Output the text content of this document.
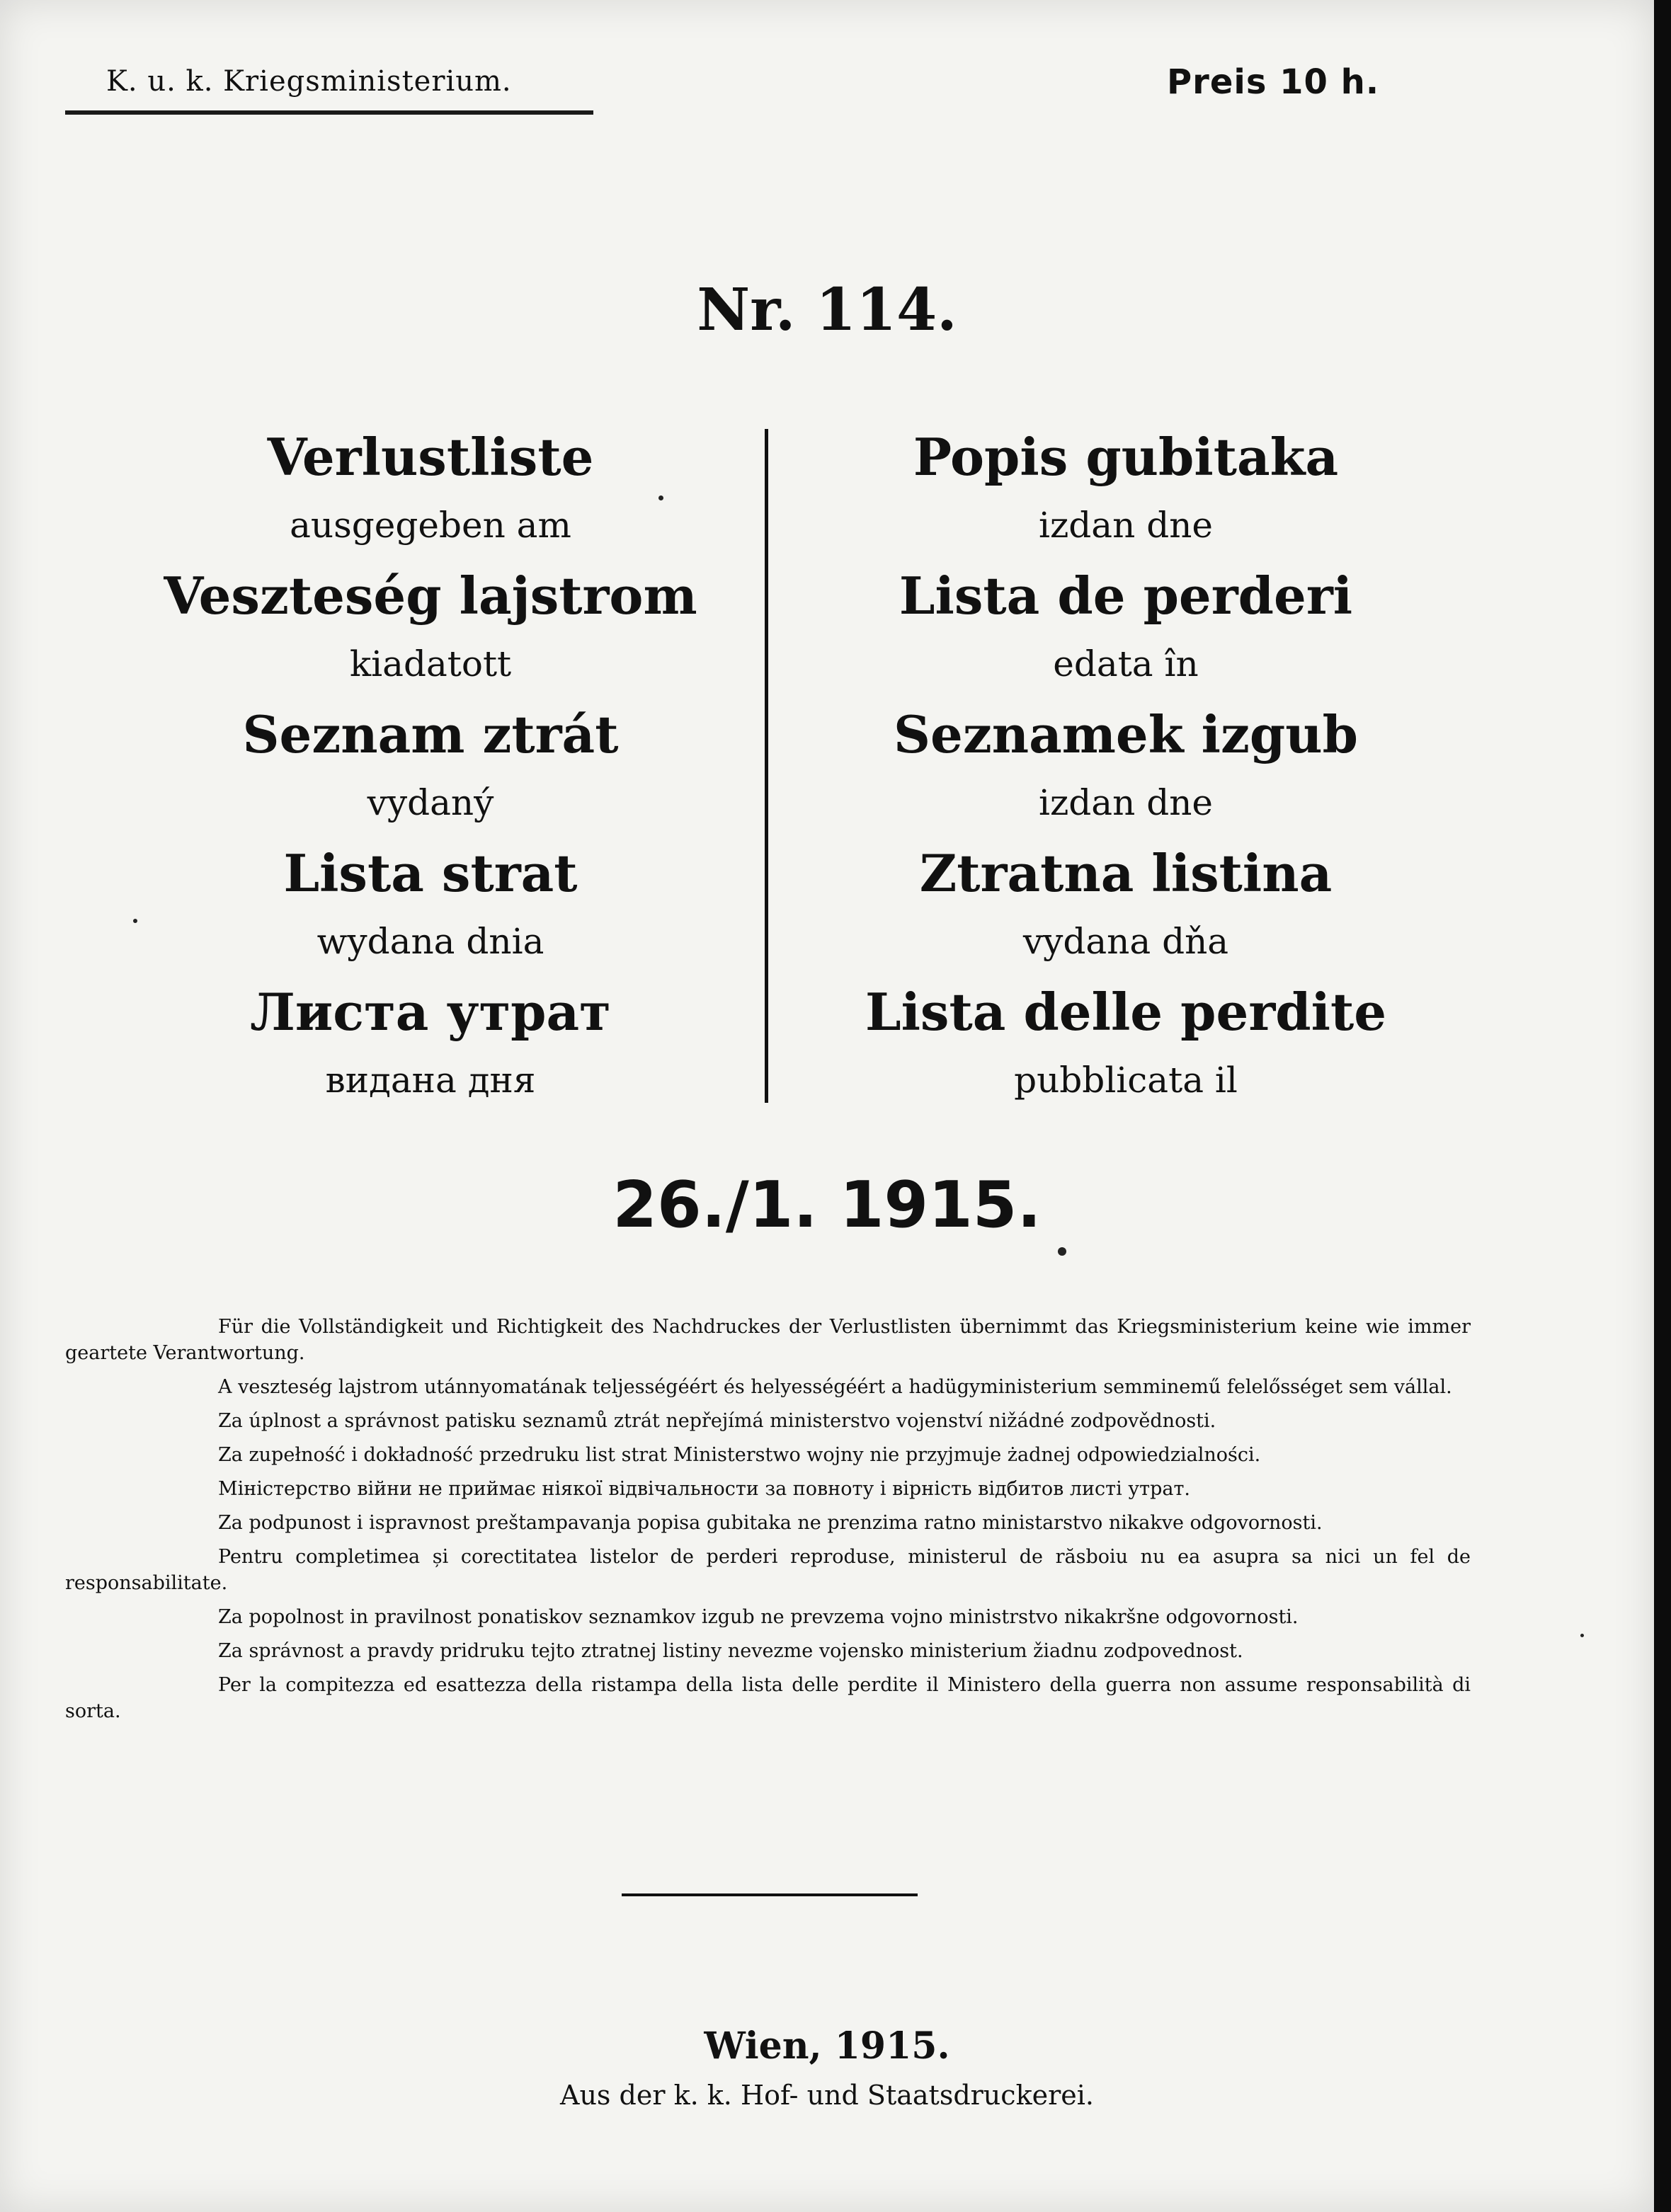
K. u. k. Kriegsministerium.	Preis 10 h.
Nr. 114.
Verlustliste
ausgegeben am
Veszteség lajstrom
kiadatott
Seznam ztrát
vydaný
Lista strat
wydana dnia
Листа утрат
видана дня
Popis gubitaka
izdan dne
Lista de perderi
edata în
Seznamek izgub
izdan dne
Ztratna listina
vydana dňa
Lista delle perdite
pubblicata il
26./1. 1915.

Für die Vollständigkeit und Richtigkeit des Nachdruckes der Verlustlisten übernimmt das Kriegsministerium keine wie immer geartete Verantwortung.

A veszteség lajstrom utánnyomatának teljességéért és helyességéért a hadügyministerium semminemű felelősséget sem vállal.

Za úplnost a správnost patisku seznamů ztrát nepřejímá ministerstvo vojenství nižádné zodpovědnosti.

Za zupełność i dokładność przedruku list strat Ministerstwo wojny nie przyjmuje żadnej odpowiedzialności.

Міністерство війни не приймає ніякої відвічальности за повноту і вірність відбитов листі утрат.

Za podpunost i ispravnost preštampavanja popisa gubitaka ne prenzima ratno ministarstvo nikakve odgovornosti.

Pentru completimea și corectitatea listelor de perderi reproduse, ministerul de răsboiu nu ea asupra sa nici un fel de responsabilitate.

Za popolnost in pravilnost ponatiskov seznamkov izgub ne prevzema vojno ministrstvo nikakršne odgovornosti.

Za správnost a pravdy pridruku tejto ztratnej listiny nevezme vojensko ministerium žiadnu zodpovednost.

Per la compitezza ed esattezza della ristampa della lista delle perdite il Ministero della guerra non assume responsabilità di sorta.

Wien, 1915.
Aus der k. k. Hof- und Staatsdruckerei.
